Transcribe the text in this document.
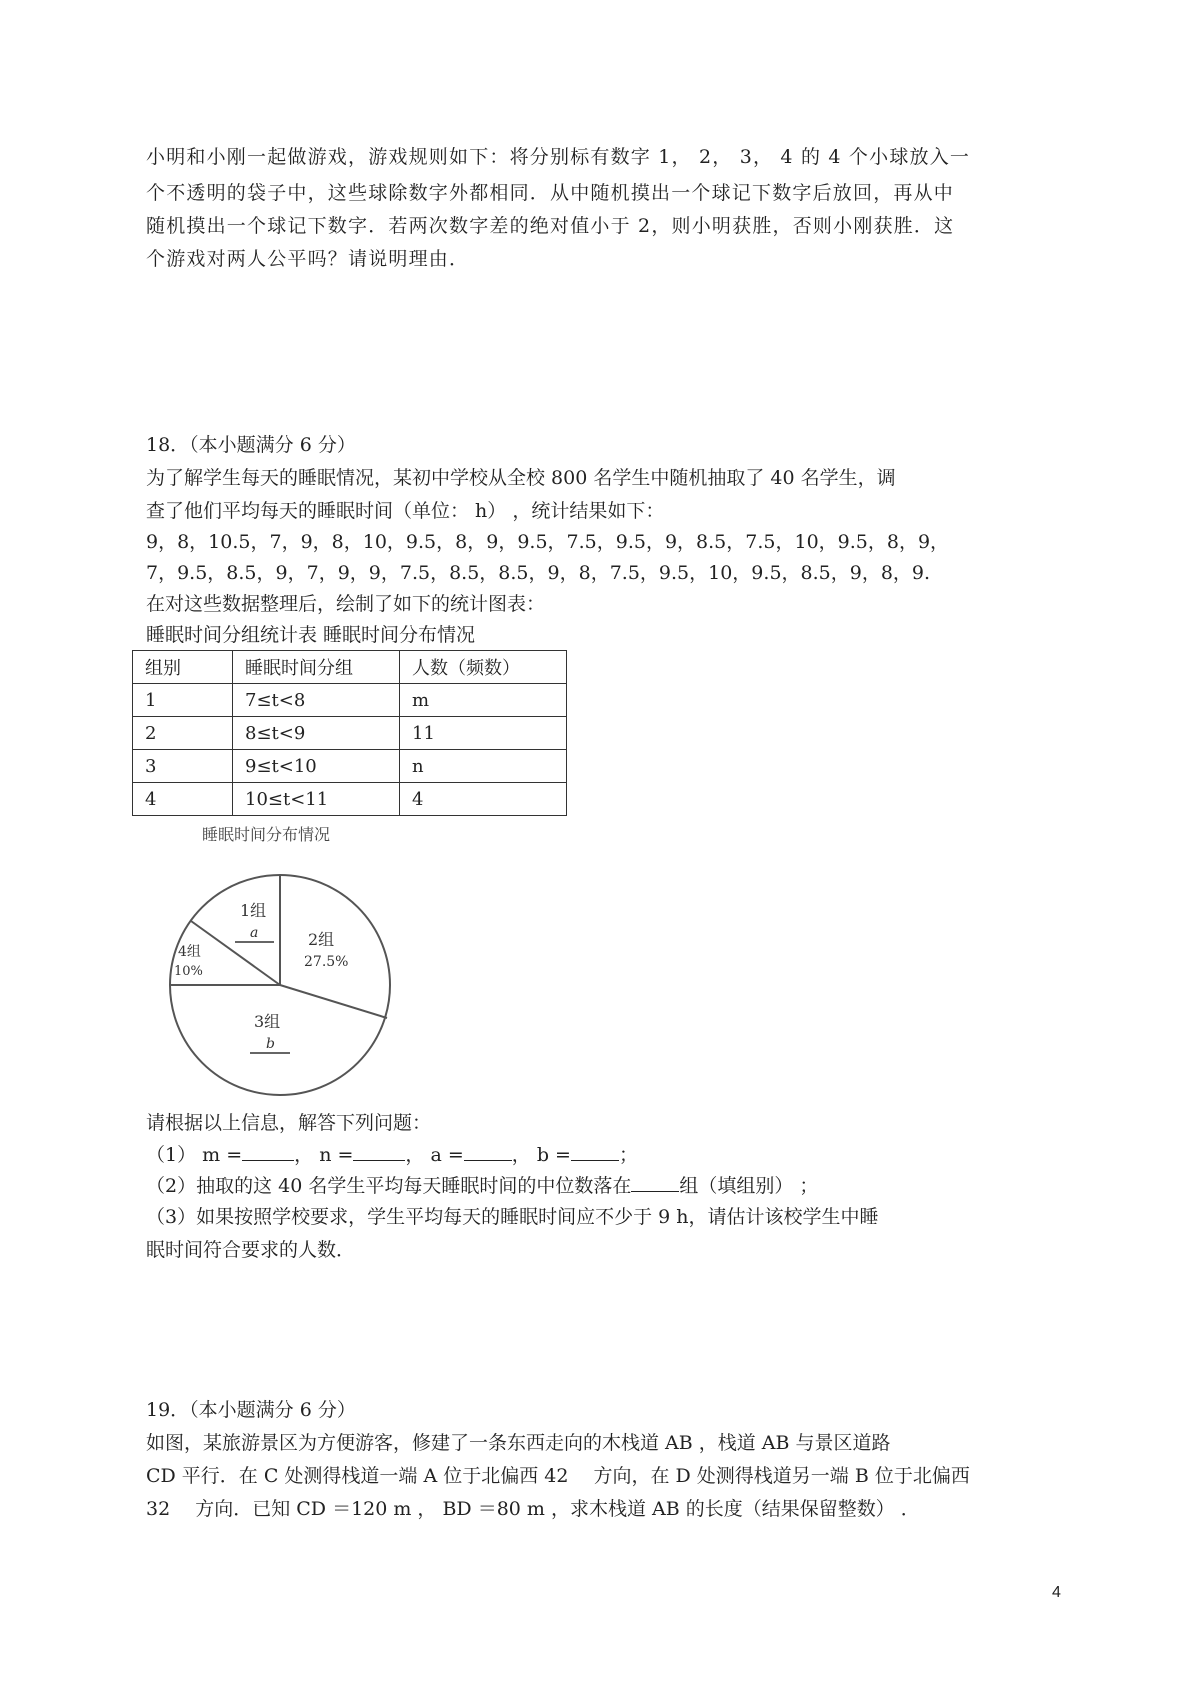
小明和小刚一起做游戏，游戏规则如下：将分别标有数字 1， 2， 3， 4 的 4 个小球放入一
个不透明的袋子中，这些球除数字外都相同．从中随机摸出一个球记下数字后放回，再从中
随机摸出一个球记下数字．若两次数字差的绝对值小于 2，则小明获胜，否则小刚获胜．这
个游戏对两人公平吗？请说明理由．
18．（本小题满分 6 分）
为了解学生每天的睡眠情况，某初中学校从全校 800 名学生中随机抽取了 40 名学生，调
查了他们平均每天的睡眠时间（单位： h） ，统计结果如下：
9，8，10.5，7，9，8，10，9.5，8，9，9.5，7.5，9.5，9，8.5，7.5，10，9.5，8，9，
7，9.5，8.5，9，7，9，9，7.5，8.5，8.5，9，8，7.5，9.5，10，9.5，8.5，9，8，9.
在对这些数据整理后，绘制了如下的统计图表：
睡眠时间分组统计表 睡眠时间分布情况
组别	睡眠时间分组	人数（频数）
1	7≤t<8	m
2	8≤t<9	11
3	9≤t<10	n
4	10≤t<11	4
睡眠时间分布情况
1组
a	2组
27.5%
3组
b
4组
10%
请根据以上信息，解答下列问题：
（1） m =	， n =	， a =	， b =	；
（2）抽取的这 40 名学生平均每天睡眠时间的中位数落在	组（填组别） ；
（3）如果按照学校要求，学生平均每天的睡眠时间应不少于 9 h，请估计该校学生中睡
眠时间符合要求的人数．
19．（本小题满分 6 分）
如图，某旅游景区为方便游客，修建了一条东西走向的木栈道 AB ，栈道 AB 与景区道路
CD 平行．在 C 处测得栈道一端 A 位于北偏西 42　 方向，在 D 处测得栈道另一端 B 位于北偏西
32　 方向．已知 CD ＝120 m ， BD ＝80 m ，求木栈道 AB 的长度（结果保留整数） ．
4
